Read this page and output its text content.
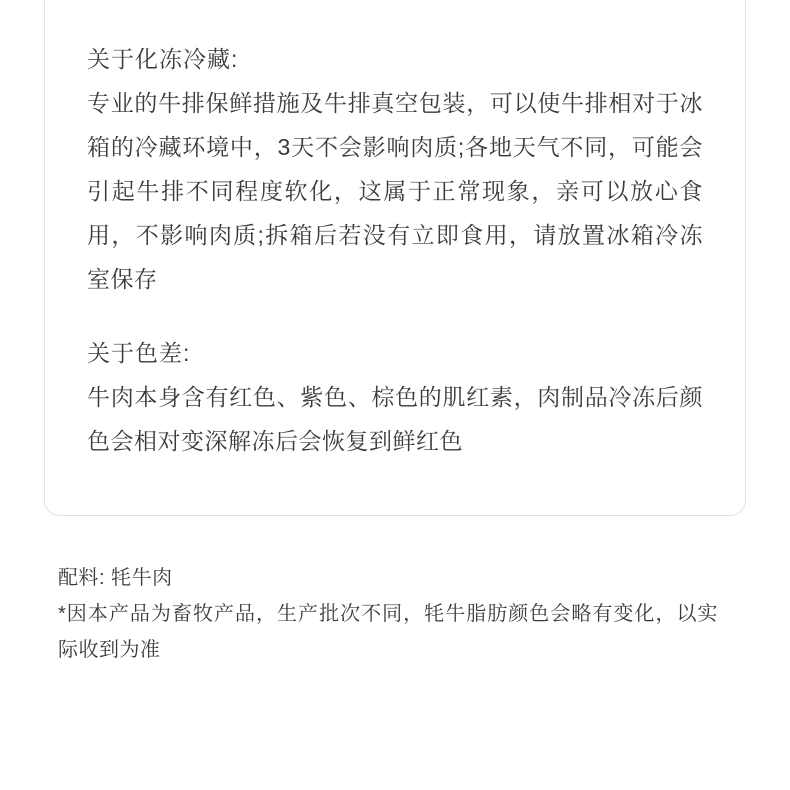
关于化冻冷藏:
专业的牛排保鲜措施及牛排真空包装，可以使牛排相对于冰箱的冷藏环境中，3天不会影响肉质;各地天气不同，可能会引起牛排不同程度软化，这属于正常现象，亲可以放心食用，不影响肉质;拆箱后若没有立即食用，请放置冰箱冷冻室保存
关于色差:
牛肉本身含有红色、紫色、棕色的肌红素，肉制品冷冻后颜色会相对变深解冻后会恢复到鲜红色
配料: 牦牛肉
*因本产品为畜牧产品，生产批次不同，牦牛脂肪颜色会略有变化，以实际收到为准
